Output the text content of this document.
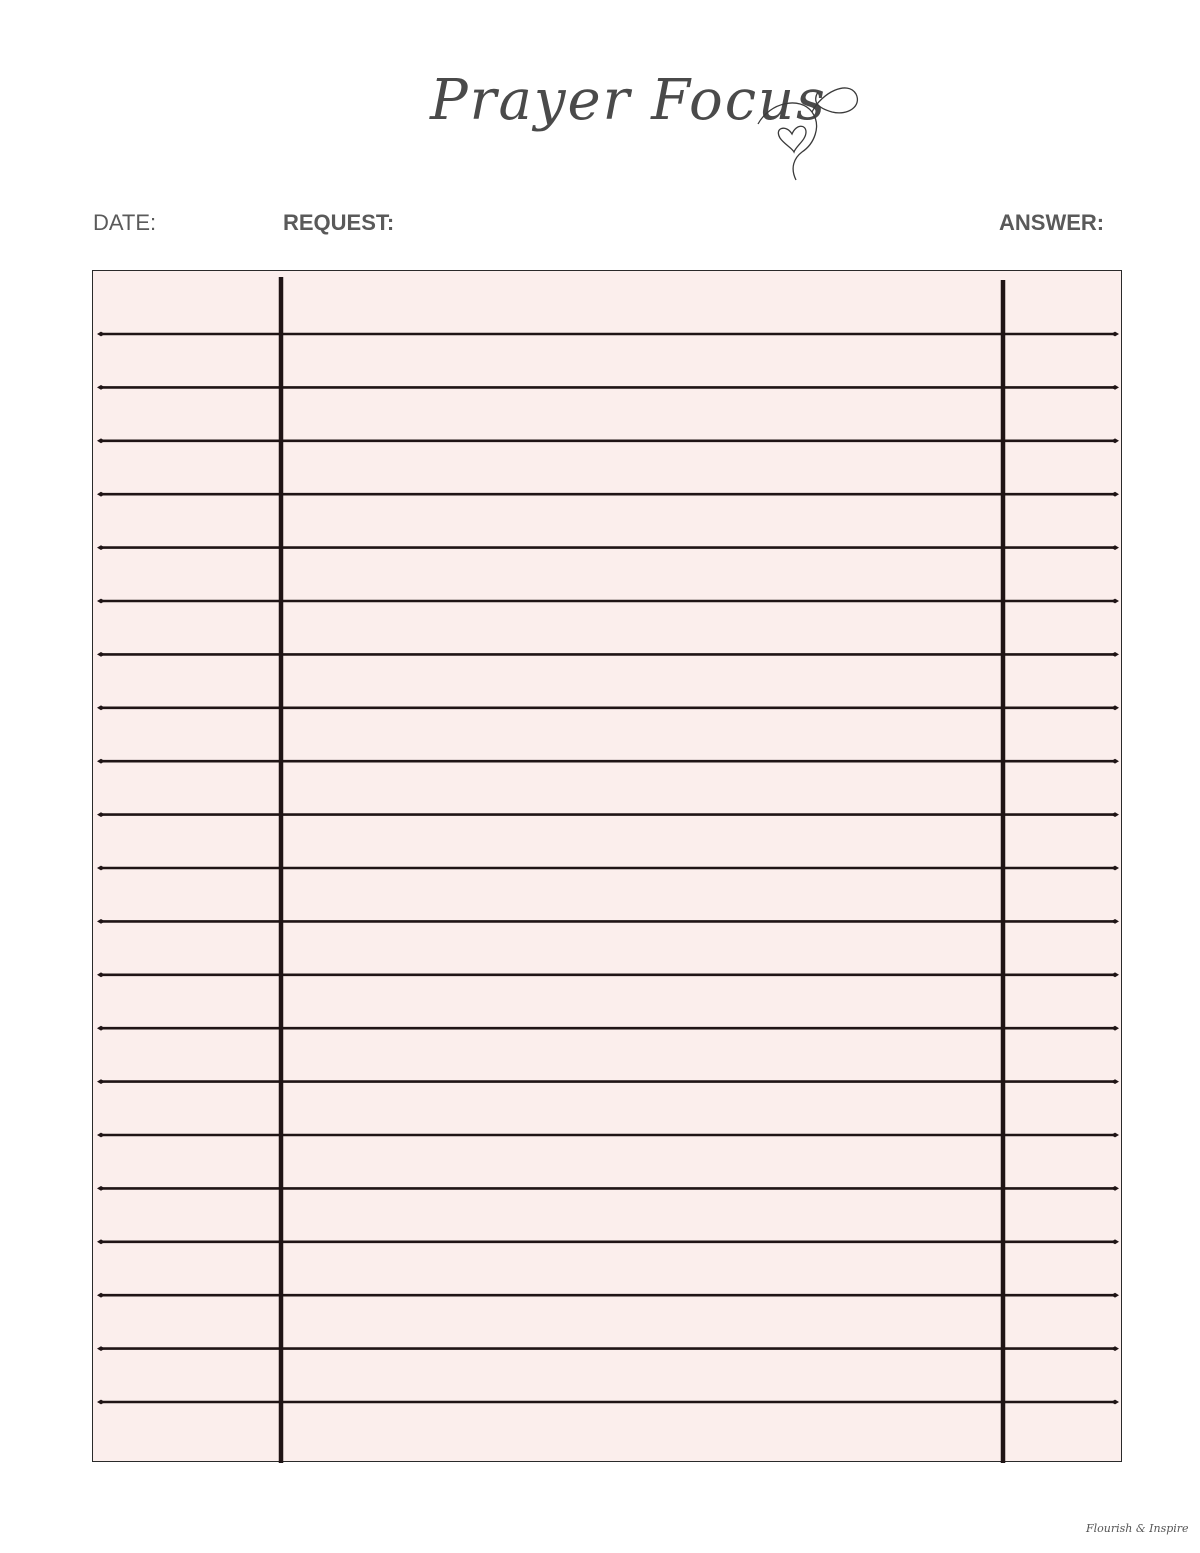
Prayer Focus
DATE:	REQUEST:	ANSWER:
Flourish & Inspire
